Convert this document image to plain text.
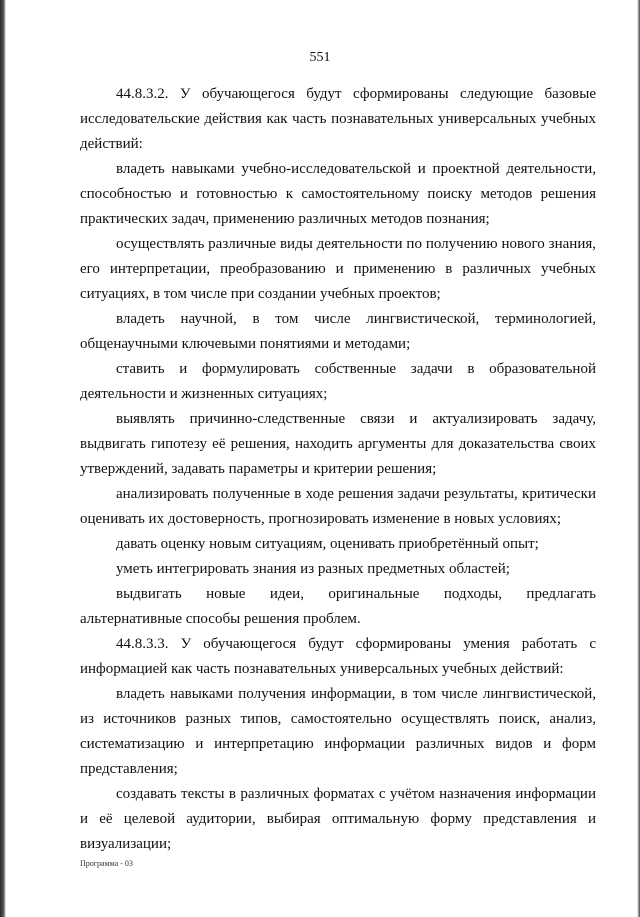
551

44.8.3.2. У обучающегося будут сформированы следующие базовые исследовательские действия как часть познавательных универсальных учебных действий:

владеть навыками учебно-исследовательской и проектной деятельности, способностью и готовностью к самостоятельному поиску методов решения практических задач, применению различных методов познания;

осуществлять различные виды деятельности по получению нового знания, его интерпретации, преобразованию и применению в различных учебных ситуациях, в том числе при создании учебных проектов;

владеть научной, в том числе лингвистической, терминологией, общенаучными ключевыми понятиями и методами;

ставить и формулировать собственные задачи в образовательной деятельности и жизненных ситуациях;

выявлять причинно-следственные связи и актуализировать задачу, выдвигать гипотезу её решения, находить аргументы для доказательства своих утверждений, задавать параметры и критерии решения;

анализировать полученные в ходе решения задачи результаты, критически оценивать их достоверность, прогнозировать изменение в новых условиях;

давать оценку новым ситуациям, оценивать приобретённый опыт;

уметь интегрировать знания из разных предметных областей;

выдвигать новые идеи, оригинальные подходы, предлагать альтернативные способы решения проблем.

44.8.3.3. У обучающегося будут сформированы умения работать с информацией как часть познавательных универсальных учебных действий:

владеть навыками получения информации, в том числе лингвистической, из источников разных типов, самостоятельно осуществлять поиск, анализ, систематизацию и интерпретацию информации различных видов и форм представления;

создавать тексты в различных форматах с учётом назначения информации и её целевой аудитории, выбирая оптимальную форму представления и визуализации;

Программа - 03
